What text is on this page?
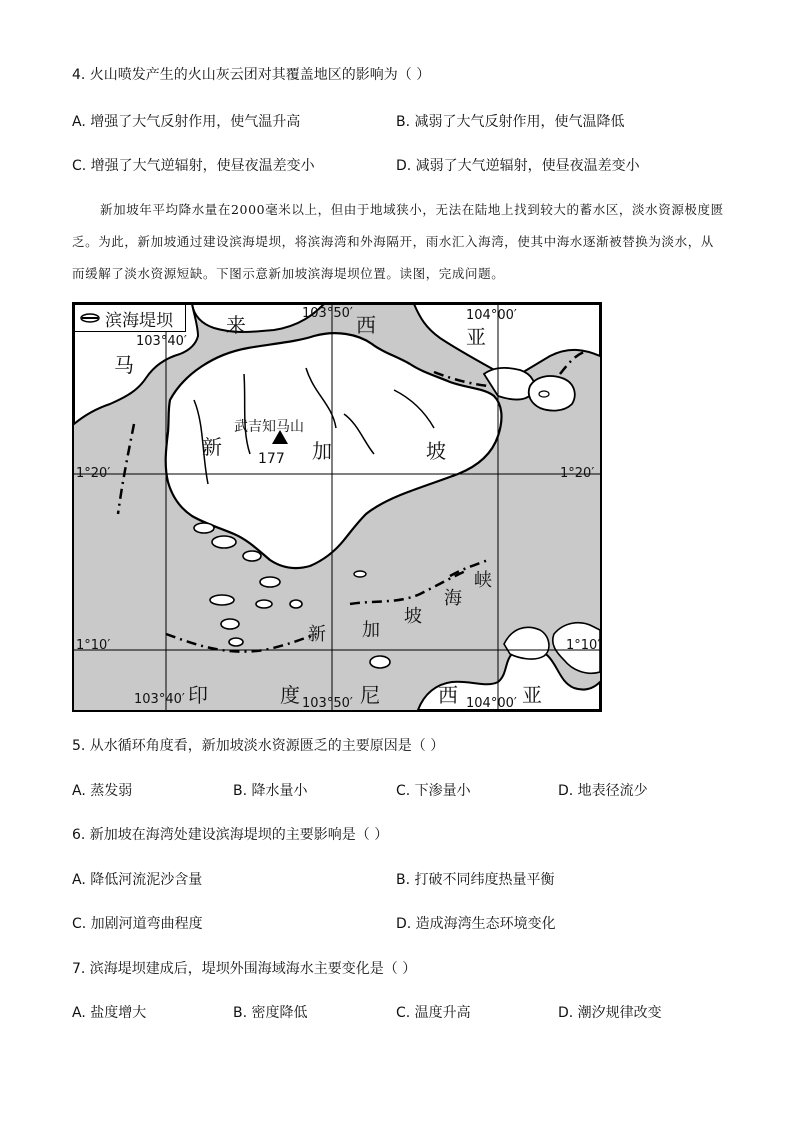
4. 火山喷发产生的火山灰云团对其覆盖地区的影响为（ ）
A. 增强了大气反射作用，使气温升高	B. 减弱了大气反射作用，使气温降低
C. 增强了大气逆辐射，使昼夜温差变小	D. 减弱了大气逆辐射，使昼夜温差变小
新加坡年平均降水量在2000毫米以上，但由于地域狭小，无法在陆地上找到较大的蓄水区，淡水资源极度匮乏。为此，新加坡通过建设滨海堤坝，将滨海湾和外海隔开，雨水汇入海湾，使其中海水逐渐被替换为淡水，从而缓解了淡水资源短缺。下图示意新加坡滨海堤坝位置。读图，完成问题。
滨海堤坝
马
来	西	亚
新	加	坡
武吉知马山
177
新 加
坡
海
峡
印	度	尼	西	亚
103°50′
103°40′
104°00′
1°20′	1°20′
1°10′	1°10′
103°40′	103°50′	104°00′
5. 从水循环角度看，新加坡淡水资源匮乏的主要原因是（ ）
A. 蒸发弱	B. 降水量小	C. 下渗量小	D. 地表径流少
6. 新加坡在海湾处建设滨海堤坝的主要影响是（ ）
A. 降低河流泥沙含量	B. 打破不同纬度热量平衡
C. 加剧河道弯曲程度	D. 造成海湾生态环境变化
7. 滨海堤坝建成后，堤坝外围海域海水主要变化是（ ）
A. 盐度增大	B. 密度降低	C. 温度升高	D. 潮汐规律改变
